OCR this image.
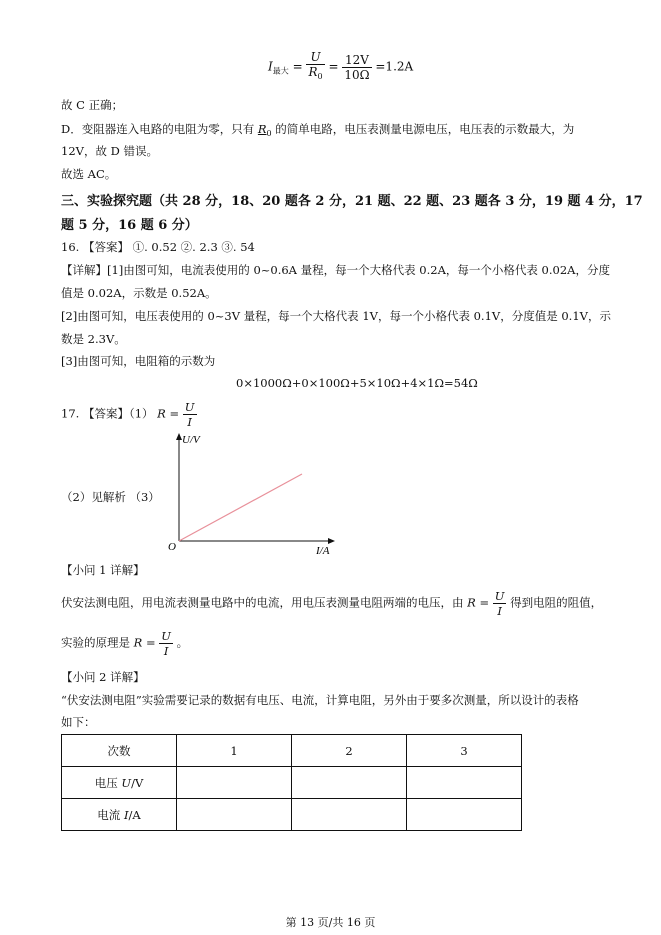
$I_{最大} = \frac{U}{R_0} = \frac{12V}{10\Omega} =1.2A$
故 C 正确；
D．变阻器连入电路的电阻为零，只有 $R_0$ 的简单电路，电压表测量电源电压，电压表的示数最大，为
12V，故 D 错误。
故选 AC。
三、实验探究题（共 28 分，18、20 题各 2 分，21 题、22 题、23 题各 3 分，19 题 4 分，17
题 5 分，16 题 6 分）
16. 【答案】 ①. 0.52 ②. 2.3 ③. 54
【详解】[1]由图可知，电流表使用的 0~0.6A 量程，每一个大格代表 0.2A，每一个小格代表 0.02A，分度
值是 0.02A，示数是 0.52A。
[2]由图可知，电压表使用的 0~3V 量程，每一个大格代表 1V，每一个小格代表 0.1V，分度值是 0.1V，示
数是 2.3V。
[3]由图可知，电阻箱的示数为
0×1000Ω+0×100Ω+5×10Ω+4×1Ω=54Ω
17. 【答案】（1） $R = \frac{U}{I}$
（2）见解析 （3）
U/V
I/A
O
【小问 1 详解】
伏安法测电阻，用电流表测量电路中的电流，用电压表测量电阻两端的电压，由 $R = \frac{U}{I}$ 得到电阻的阻值，
实验的原理是 $R = \frac{U}{I}$ 。
【小问 2 详解】
“伏安法测电阻”实验需要记录的数据有电压、电流，计算电阻，另外由于要多次测量，所以设计的表格
如下：
次数	1	2	3
电压 U/V			
电流 I/A			
第 13 页/共 16 页
